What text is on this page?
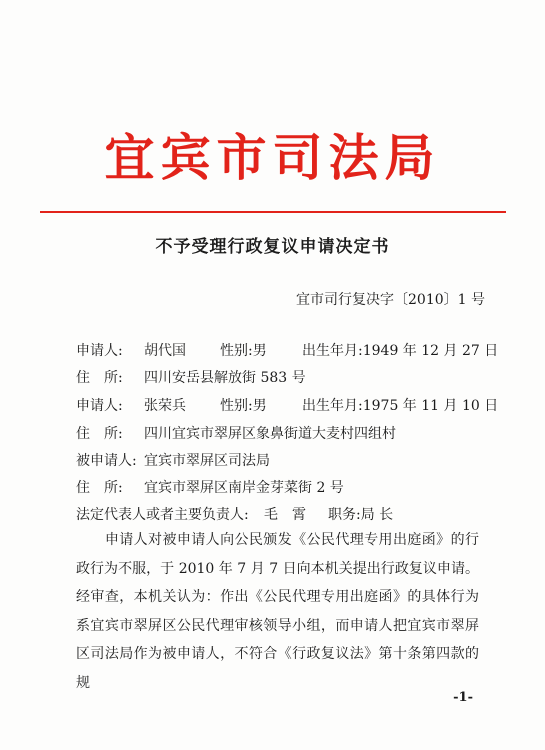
宜宾市司法局
不予受理行政复议申请决定书
宜市司行复决字〔2010〕1 号
申请人: 胡代国 性别:男	出生年月:1949 年 12 月 27 日
住　所: 四川安岳县解放街 583 号
申请人: 张荣兵 性别:男	出生年月:1975 年 11 月 10 日
住　所: 四川宜宾市翠屏区象鼻街道大麦村四组村
被申请人: 宜宾市翠屏区司法局
住　所: 宜宾市翠屏区南岸金芽菜街 2 号
法定代表人或者主要负责人: 毛　霄 职务:局 长
　　申请人对被申请人向公民颁发《公民代理专用出庭函》的行政行为不服，于 2010 年 7 月 7 日向本机关提出行政复议申请。经审查，本机关认为：作出《公民代理专用出庭函》的具体行为系宜宾市翠屏区公民代理审核领导小组，而申请人把宜宾市翠屏区司法局作为被申请人，不符合《行政复议法》第十条第四款的规
-1-
